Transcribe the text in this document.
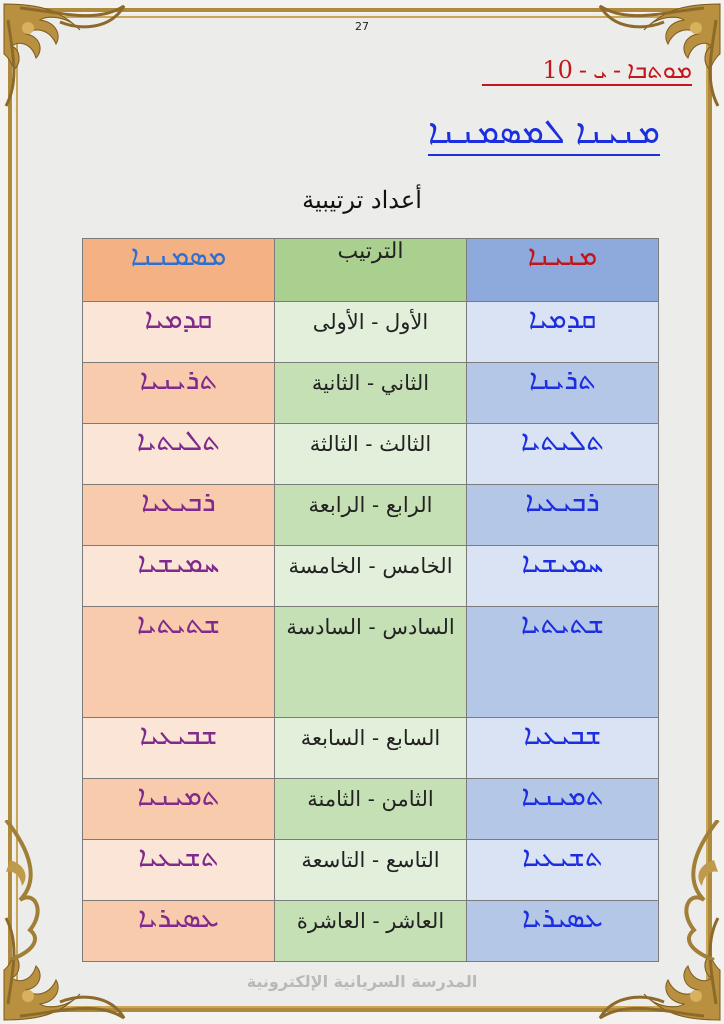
27
ܡܘܬܒܐ-ܝ-10
ܡܢܝܢܐ ܠܡܣܡܢܢܐ
أعداد ترتيبية
ܡܢܝܢܐ	الترتيب	ܡܣܡܢܢܐ
ܩܕܡܝܐ	الأول - الأولى	ܩܕܡܝܐ
ܬܪܝܢܐ	الثاني - الثانية	ܬܪܝܢܝܐ
ܬܠܝܬܝܐ	الثالث - الثالثة	ܬܠܝܬܝܐ
ܪܒܝܥܝܐ	الرابع - الرابعة	ܪܒܝܥܝܐ
ܚܡܝܫܝܐ	الخامس - الخامسة	ܚܡܝܫܝܐ
ܫܬܝܬܝܐ	السادس - السادسة	ܫܬܝܬܝܐ
ܫܒܝܥܝܐ	السابع - السابعة	ܫܒܝܥܝܐ
ܬܡܝܢܝܐ	الثامن - الثامنة	ܬܡܝܢܝܐ
ܬܫܝܥܝܐ	التاسع - التاسعة	ܬܫܝܥܝܐ
ܥܣܝܪܝܐ	العاشر - العاشرة	ܥܣܝܪܝܐ
المدرسة السريانية الإلكترونية
